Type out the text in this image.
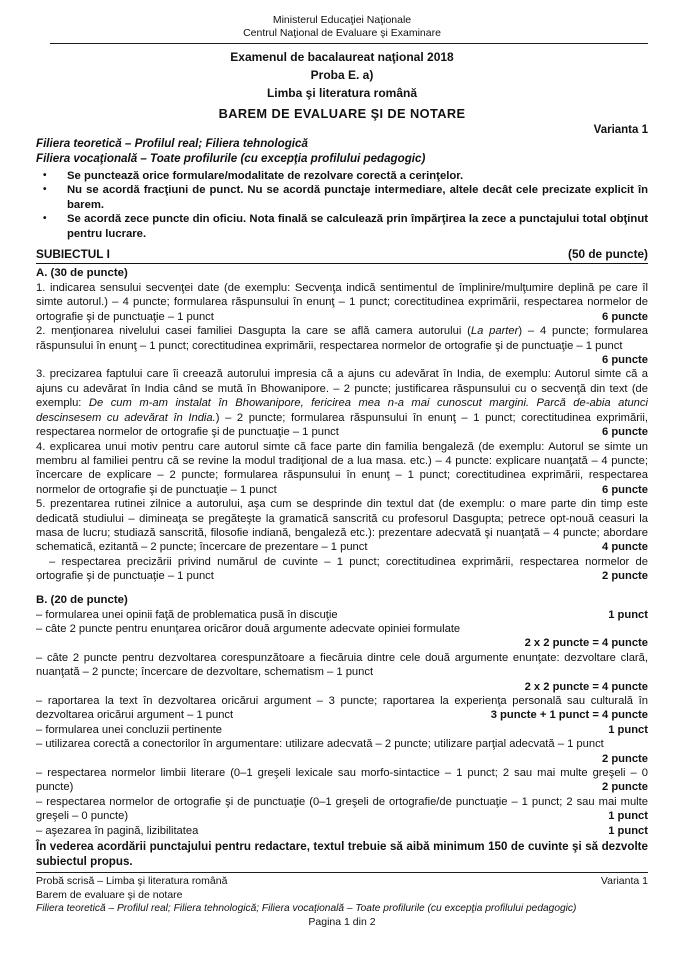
Ministerul Educaţiei Naţionale
Centrul Naţional de Evaluare şi Examinare
Examenul de bacalaureat naţional 2018
Proba E. a)
Limba şi literatura română
BAREM DE EVALUARE ŞI DE NOTARE
Varianta 1
Filiera teoretică – Profilul real; Filiera tehnologică
Filiera vocaţională – Toate profilurile (cu excepţia profilului pedagogic)
•	Se punctează orice formulare/modalitate de rezolvare corectă a cerinţelor.
•	Nu se acordă fracţiuni de punct. Nu se acordă punctaje intermediare, altele decât cele precizate explicit în barem.
•	Se acordă zece puncte din oficiu. Nota finală se calculează prin împărţirea la zece a punctajului total obţinut pentru lucrare.
SUBIECTUL I	(50 de puncte)
A. (30 de puncte)
1. indicarea sensului secvenţei date (de exemplu: Secvenţa indică sentimentul de împlinire/mulţumire deplină pe care îl simte autorul.) – 4 puncte; formularea răspunsului în enunţ – 1 punct; corectitudinea exprimării, respectarea normelor de ortografie şi de punctuaţie – 1 punct	6 puncte
2. menţionarea nivelului casei familiei Dasgupta la care se află camera autorului (La parter) – 4 puncte; formularea răspunsului în enunţ – 1 punct; corectitudinea exprimării, respectarea normelor de ortografie şi de punctuaţie – 1 punct
6 puncte
3. precizarea faptului care îi creează autorului impresia că a ajuns cu adevărat în India, de exemplu: Autorul simte că a ajuns cu adevărat în India când se mută în Bhowanipore. – 2 puncte; justificarea răspunsului cu o secvenţă din text (de exemplu: De cum m-am instalat în Bhowanipore, fericirea mea n-a mai cunoscut margini. Parcă de-abia atunci descinsesem cu adevărat în India.) – 2 puncte; formularea răspunsului în enunţ – 1 punct; corectitudinea exprimării, respectarea normelor de ortografie şi de punctuaţie – 1 punct	6 puncte
4. explicarea unui motiv pentru care autorul simte că face parte din familia bengaleză (de exemplu: Autorul se simte un membru al familiei pentru că se revine la modul tradiţional de a lua masa. etc.) – 4 puncte: explicare nuanţată – 4 puncte; încercare de explicare – 2 puncte; formularea răspunsului în enunţ – 1 punct; corectitudinea exprimării, respectarea normelor de ortografie şi de punctuaţie – 1 punct	6 puncte
5. prezentarea rutinei zilnice a autorului, aşa cum se desprinde din textul dat (de exemplu: o mare parte din timp este dedicată studiului – dimineaţa se pregăteşte la gramatică sanscrită cu profesorul Dasgupta; petrece opt-nouă ceasuri la masa de lucru; studiază sanscrită, filosofie indiană, bengaleză etc.): prezentare adecvată şi nuanţată – 4 puncte; abordare schematică, ezitantă – 2 puncte; încercare de prezentare – 1 punct	4 puncte
– respectarea precizării privind numărul de cuvinte – 1 punct; corectitudinea exprimării, respectarea normelor de ortografie şi de punctuaţie – 1 punct	2 puncte
B. (20 de puncte)
– formularea unei opinii faţă de problematica pusă în discuţie	1 punct
– câte 2 puncte pentru enunţarea oricăror două argumente adecvate opiniei formulate
2 x 2 puncte = 4 puncte
– câte 2 puncte pentru dezvoltarea corespunzătoare a fiecăruia dintre cele două argumente enunţate: dezvoltare clară, nuanţată – 2 puncte; încercare de dezvoltare, schematism – 1 punct
2 x 2 puncte = 4 puncte
– raportarea la text în dezvoltarea oricărui argument – 3 puncte; raportarea la experienţa personală sau culturală în dezvoltarea oricărui argument – 1 punct	3 puncte + 1 punct = 4 puncte
– formularea unei concluzii pertinente	1 punct
– utilizarea corectă a conectorilor în argumentare: utilizare adecvată – 2 puncte; utilizare parţial adecvată – 1 punct
2 puncte
– respectarea normelor limbii literare (0–1 greşeli lexicale sau morfo-sintactice – 1 punct; 2 sau mai multe greşeli – 0 puncte)	2 puncte
– respectarea normelor de ortografie şi de punctuaţie (0–1 greşeli de ortografie/de punctuaţie – 1 punct; 2 sau mai multe greşeli – 0 puncte)	1 punct
– aşezarea în pagină, lizibilitatea	1 punct
În vederea acordării punctajului pentru redactare, textul trebuie să aibă minimum 150 de cuvinte şi să dezvolte subiectul propus.
Probă scrisă – Limba şi literatura română	Varianta 1
Barem de evaluare şi de notare
Filiera teoretică – Profilul real; Filiera tehnologică; Filiera vocaţională – Toate profilurile (cu excepţia profilului pedagogic)
Pagina 1 din 2
